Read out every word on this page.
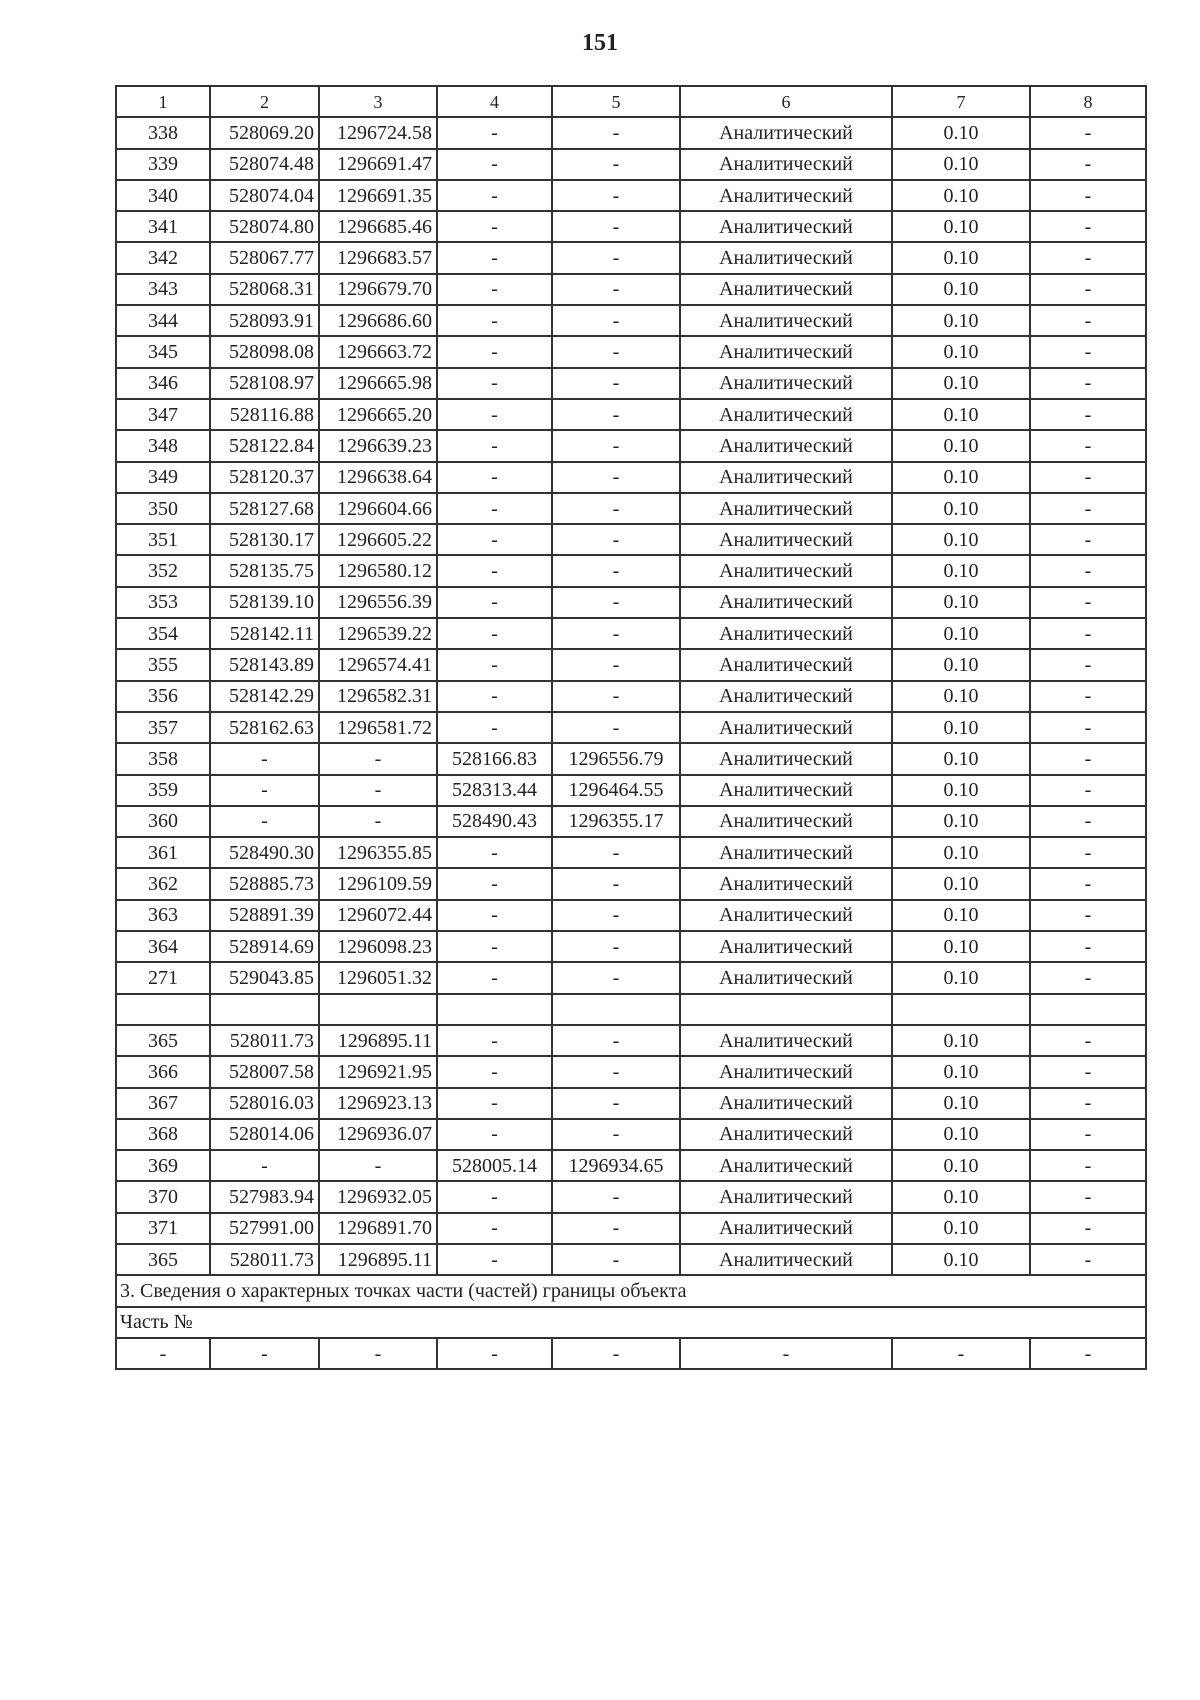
151
1	2	3	4	5	6	7	8
338	528069.20	1296724.58	-	-	Аналитический	0.10	-
339	528074.48	1296691.47	-	-	Аналитический	0.10	-
340	528074.04	1296691.35	-	-	Аналитический	0.10	-
341	528074.80	1296685.46	-	-	Аналитический	0.10	-
342	528067.77	1296683.57	-	-	Аналитический	0.10	-
343	528068.31	1296679.70	-	-	Аналитический	0.10	-
344	528093.91	1296686.60	-	-	Аналитический	0.10	-
345	528098.08	1296663.72	-	-	Аналитический	0.10	-
346	528108.97	1296665.98	-	-	Аналитический	0.10	-
347	528116.88	1296665.20	-	-	Аналитический	0.10	-
348	528122.84	1296639.23	-	-	Аналитический	0.10	-
349	528120.37	1296638.64	-	-	Аналитический	0.10	-
350	528127.68	1296604.66	-	-	Аналитический	0.10	-
351	528130.17	1296605.22	-	-	Аналитический	0.10	-
352	528135.75	1296580.12	-	-	Аналитический	0.10	-
353	528139.10	1296556.39	-	-	Аналитический	0.10	-
354	528142.11	1296539.22	-	-	Аналитический	0.10	-
355	528143.89	1296574.41	-	-	Аналитический	0.10	-
356	528142.29	1296582.31	-	-	Аналитический	0.10	-
357	528162.63	1296581.72	-	-	Аналитический	0.10	-
358	-	-	528166.83	1296556.79	Аналитический	0.10	-
359	-	-	528313.44	1296464.55	Аналитический	0.10	-
360	-	-	528490.43	1296355.17	Аналитический	0.10	-
361	528490.30	1296355.85	-	-	Аналитический	0.10	-
362	528885.73	1296109.59	-	-	Аналитический	0.10	-
363	528891.39	1296072.44	-	-	Аналитический	0.10	-
364	528914.69	1296098.23	-	-	Аналитический	0.10	-
271	529043.85	1296051.32	-	-	Аналитический	0.10	-

365	528011.73	1296895.11	-	-	Аналитический	0.10	-
366	528007.58	1296921.95	-	-	Аналитический	0.10	-
367	528016.03	1296923.13	-	-	Аналитический	0.10	-
368	528014.06	1296936.07	-	-	Аналитический	0.10	-
369	-	-	528005.14	1296934.65	Аналитический	0.10	-
370	527983.94	1296932.05	-	-	Аналитический	0.10	-
371	527991.00	1296891.70	-	-	Аналитический	0.10	-
365	528011.73	1296895.11	-	-	Аналитический	0.10	-
3. Сведения о характерных точках части (частей) границы объекта							
Часть №							
-	-	-	-	-	-	-	-
